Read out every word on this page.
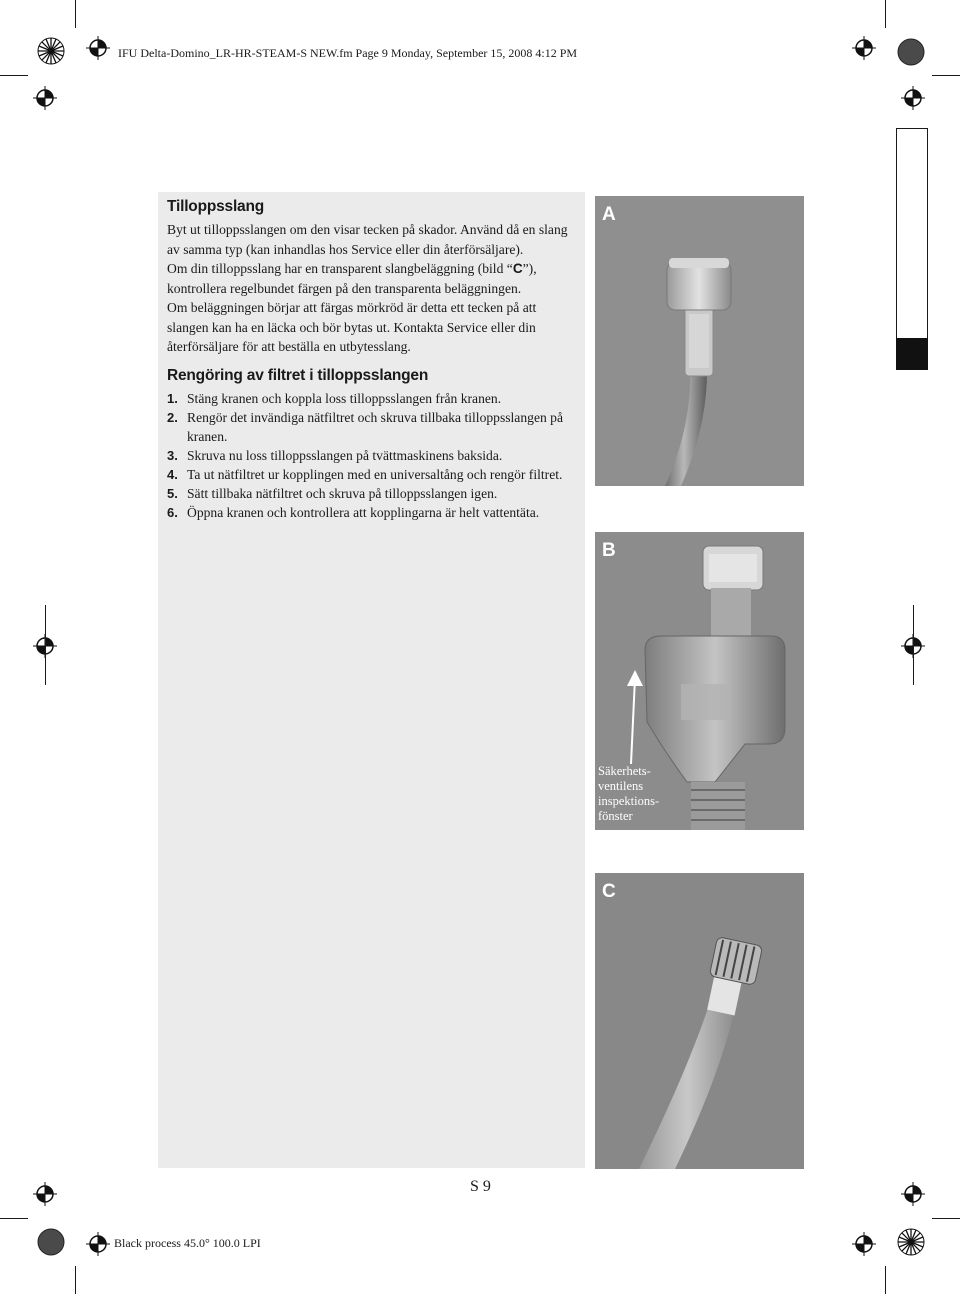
IFU Delta-Domino_LR-HR-STEAM-S NEW.fm Page 9 Monday, September 15, 2008 4:12 PM
Black process 45.0° 100.0 LPI
S 9
Tilloppsslang

Byt ut tilloppsslangen om den visar tecken på skador. Använd då en slang av samma typ (kan inhandlas hos Service eller din återförsäljare).

Om din tilloppsslang har en transparent slangbeläggning (bild “C”), kontrollera regelbundet färgen på den transparenta beläggningen.

Om beläggningen börjar att färgas mörkröd är detta ett tecken på att slangen kan ha en läcka och bör bytas ut. Kontakta Service eller din återförsäljare för att beställa en utbytesslang.

Rengöring av filtret i tilloppsslangen
1. Stäng kranen och koppla loss tilloppsslangen från kranen.
2. Rengör det invändiga nätfiltret och skruva tillbaka tilloppsslangen på kranen.
3. Skruva nu loss tilloppsslangen på tvättmaskinens baksida.
4. Ta ut nätfiltret ur kopplingen med en universaltång och rengör filtret.
5. Sätt tillbaka nätfiltret och skruva på tilloppsslangen igen.
6. Öppna kranen och kontrollera att kopplingarna är helt vattentäta.
A
B
Säkerhets-
ventilens
inspektions-
fönster
C
